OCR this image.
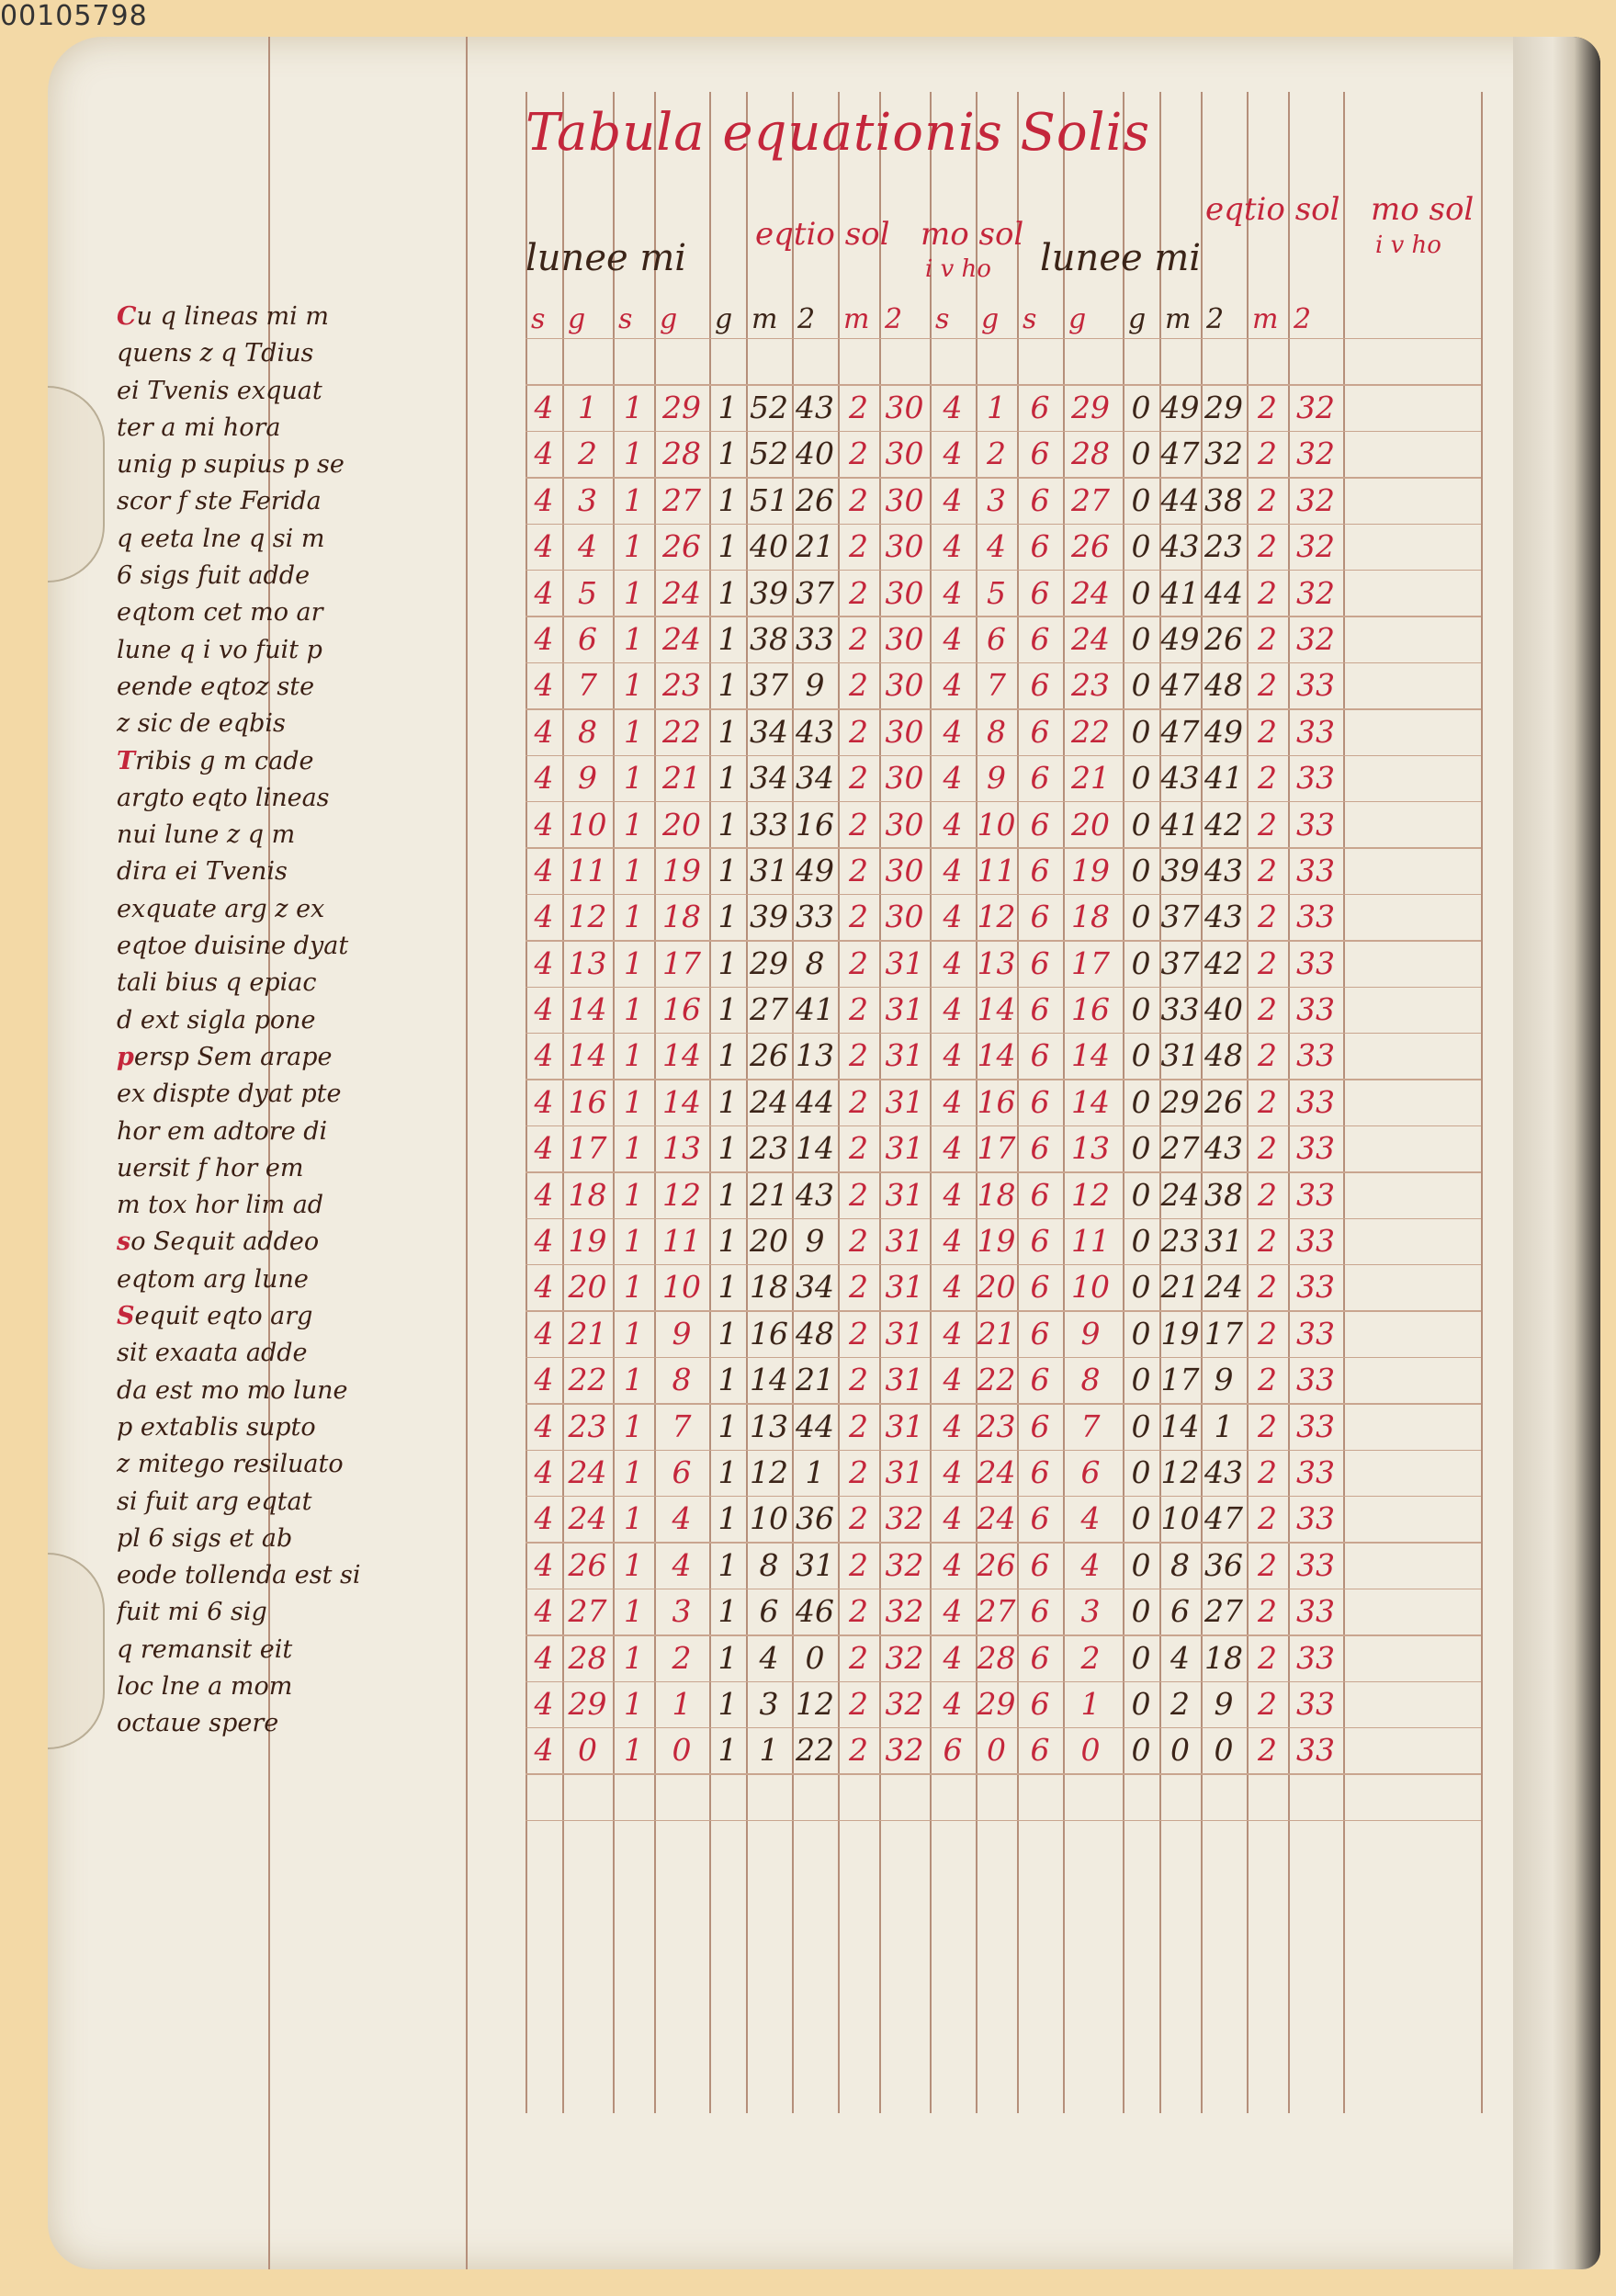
00105798
Tabula equationis Solis
lunee mi
eqtio sol mo sol
i v ho lunee mi
eqtio sol mo sol
i v ho
s g s g g m 2 m 2 s g s g g m 2 m 2
Cu q lineas mi m
quens z q Tdius
ei Tvenis exquat
ter a mi hora
unig p supius p se
scor f ste Ferida
q eeta lne q si m
6 sigs fuit adde
eqtom cet mo ar
lune q i vo fuit p
eende eqtoz ste
z sic de eqbis
Tribis g m cade
argto eqto lineas
nui lune z q m
dira ei Tvenis
exquate arg z ex
eqtoe duisine dyat
tali bius q epiac
d ext sigla pone
persp Sem arape
ex dispte dyat pte
hor em adtore di
uersit f hor em
m tox hor lim ad
so Sequit addeo
eqtom arg lune
Sequit eqto arg
sit exaata adde
da est mo mo lune
p extablis supto
z mitego resiluato
si fuit arg eqtat
pl 6 sigs et ab
eode tollenda est si
fuit mi 6 sig
q remansit eit
loc lne a mom
octaue spere
4 1 1 29 1 52 43 2 30 4 1 6 29 0 49 29 2 32
4 2 1 28 1 52 40 2 30 4 2 6 28 0 47 32 2 32
4 3 1 27 1 51 26 2 30 4 3 6 27 0 44 38 2 32
4 4 1 26 1 40 21 2 30 4 4 6 26 0 43 23 2 32
4 5 1 24 1 39 37 2 30 4 5 6 24 0 41 44 2 32
4 6 1 24 1 38 33 2 30 4 6 6 24 0 49 26 2 32
4 7 1 23 1 37 9 2 30 4 7 6 23 0 47 48 2 33
4 8 1 22 1 34 43 2 30 4 8 6 22 0 47 49 2 33
4 9 1 21 1 34 34 2 30 4 9 6 21 0 43 41 2 33
4 10 1 20 1 33 16 2 30 4 10 6 20 0 41 42 2 33
4 11 1 19 1 31 49 2 30 4 11 6 19 0 39 43 2 33
4 12 1 18 1 39 33 2 30 4 12 6 18 0 37 43 2 33
4 13 1 17 1 29 8 2 31 4 13 6 17 0 37 42 2 33
4 14 1 16 1 27 41 2 31 4 14 6 16 0 33 40 2 33
4 14 1 14 1 26 13 2 31 4 14 6 14 0 31 48 2 33
4 16 1 14 1 24 44 2 31 4 16 6 14 0 29 26 2 33
4 17 1 13 1 23 14 2 31 4 17 6 13 0 27 43 2 33
4 18 1 12 1 21 43 2 31 4 18 6 12 0 24 38 2 33
4 19 1 11 1 20 9 2 31 4 19 6 11 0 23 31 2 33
4 20 1 10 1 18 34 2 31 4 20 6 10 0 21 24 2 33
4 21 1 9 1 16 48 2 31 4 21 6	9	0 19 17 2 33
4 22 1 8 1 14 21 2 31 4 22 6	8	0 17 9 2 33
4 23 1 7 1 13 44 2 31 4 23 6	7	0 14 1 2 33
4 24 1 6 1 12 1 2 31 4 24 6	6	0 12 43 2 33
4 24 1 4 1 10 36 2 32 4 24 6	4	0 10 47 2 33
4 26 1 4 1 8 31 2 32 4 26 6	4	0 8 36 2 33
4 27 1 3 1 6 46 2 32 4 27 6	3	0 6 27 2 33
4 28 1 2 1 4 0 2 32 4 28 6	2	0 4 18 2 33
4 29 1 1 1 3 12 2 32 4 29 6	1	0 2 9 2 33
4 0 1 0 1 1 22 2 32 6 0 6	0	0 0 0 2 33
